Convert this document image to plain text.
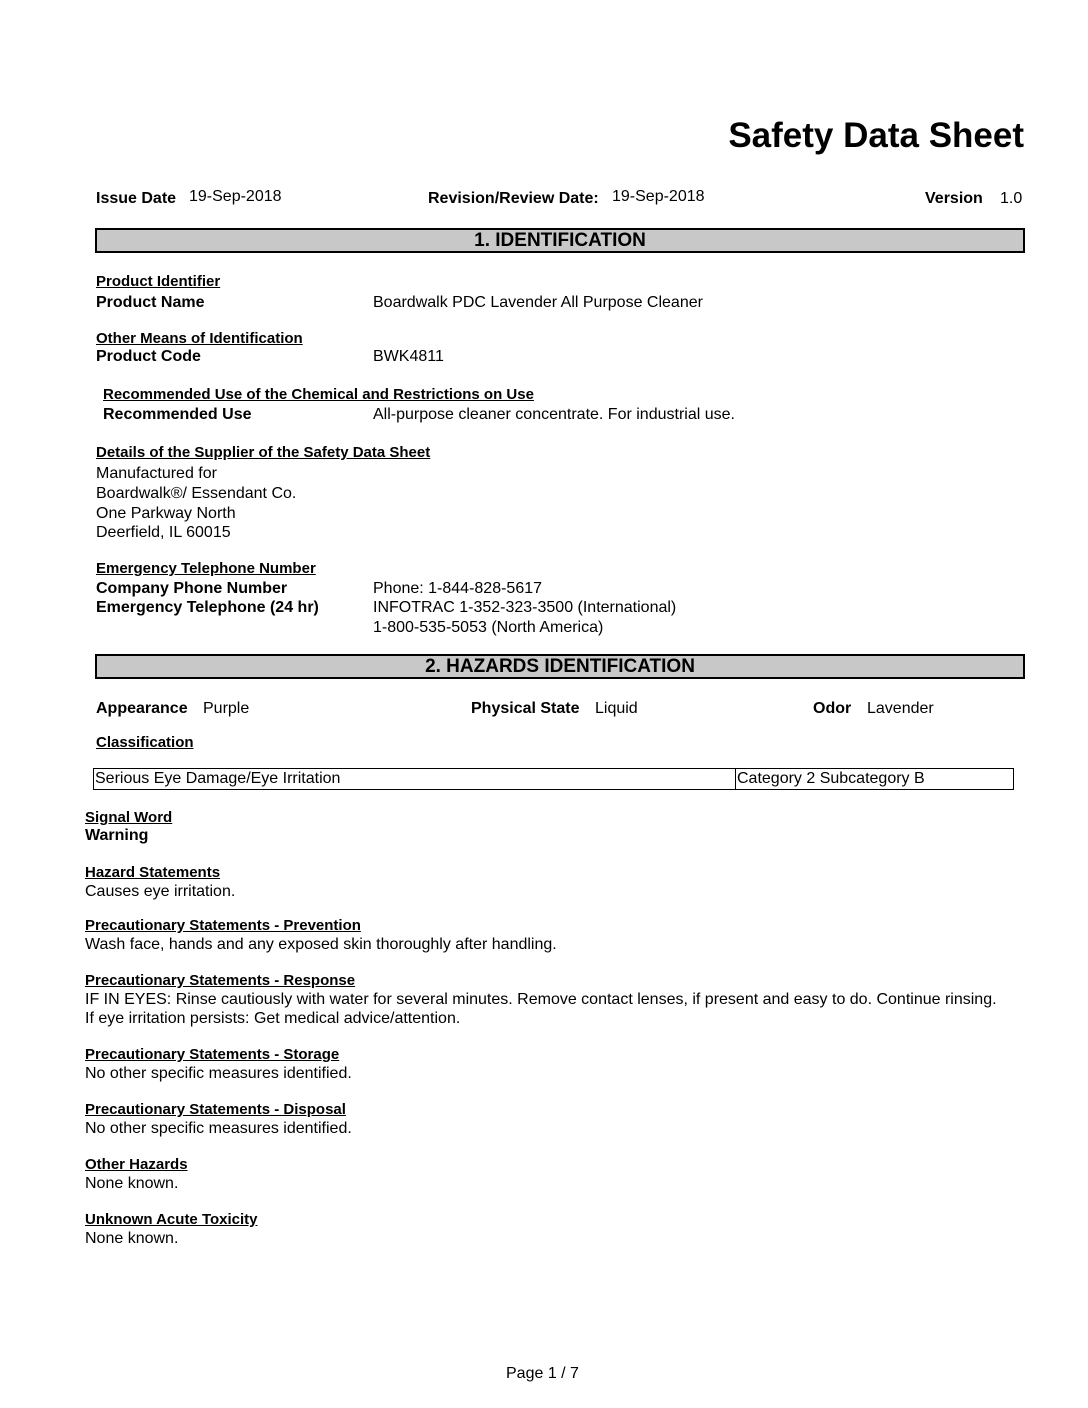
Safety Data Sheet
Issue Date 19-Sep-2018	Revision/Review Date: 19-Sep-2018	Version 1.0
1. IDENTIFICATION
Product Identifier
Product Name	Boardwalk PDC Lavender All Purpose Cleaner
Other Means of Identification
Product Code	BWK4811
Recommended Use of the Chemical and Restrictions on Use
Recommended Use	All-purpose cleaner concentrate. For industrial use.
Details of the Supplier of the Safety Data Sheet
Manufactured for
Boardwalk®/ Essendant Co.
One Parkway North
Deerfield, IL 60015
Emergency Telephone Number
Company Phone Number	Phone: 1-844-828-5617
Emergency Telephone (24 hr)	INFOTRAC 1-352-323-3500 (International)
1-800-535-5053 (North America)
2. HAZARDS IDENTIFICATION
Appearance Purple	Physical State Liquid	Odor Lavender
Classification
Serious Eye Damage/Eye Irritation	Category 2 Subcategory B
Signal Word
Warning
Hazard Statements
Causes eye irritation.
Precautionary Statements - Prevention
Wash face, hands and any exposed skin thoroughly after handling.
Precautionary Statements - Response
IF IN EYES: Rinse cautiously with water for several minutes. Remove contact lenses, if present and easy to do. Continue rinsing.
If eye irritation persists: Get medical advice/attention.
Precautionary Statements - Storage
No other specific measures identified.
Precautionary Statements - Disposal
No other specific measures identified.
Other Hazards
None known.
Unknown Acute Toxicity
None known.
Page 1 / 7
